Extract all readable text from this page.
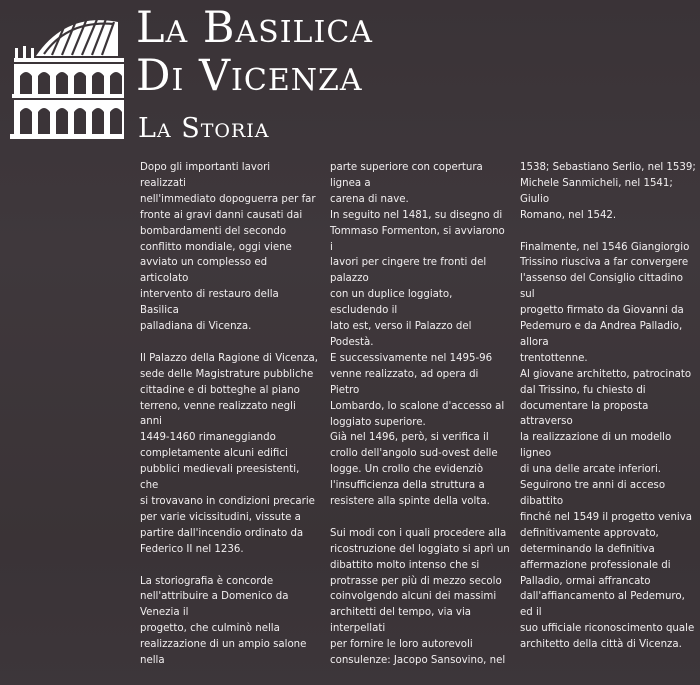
La Basilica
Di Vicenza
La Storia

Dopo gli importanti lavori realizzati
nell'immediato dopoguerra per far
fronte ai gravi danni causati dai
bombardamenti del secondo
conflitto mondiale, oggi viene
avviato un complesso ed articolato
intervento di restauro della Basilica
palladiana di Vicenza.

Il Palazzo della Ragione di Vicenza,
sede delle Magistrature pubbliche
cittadine e di botteghe al piano
terreno, venne realizzato negli anni
1449-1460 rimaneggiando
completamente alcuni edifici
pubblici medievali preesistenti, che
si trovavano in condizioni precarie
per varie vicissitudini, vissute a
partire dall'incendio ordinato da
Federico II nel 1236.

La storiografia è concorde
nell'attribuire a Domenico da Venezia il
progetto, che culminò nella
realizzazione di un ampio salone nella

parte superiore con copertura lignea a
carena di nave.
In seguito nel 1481, su disegno di
Tommaso Formenton, si avviarono i
lavori per cingere tre fronti del palazzo
con un duplice loggiato, escludendo il
lato est, verso il Palazzo del Podestà.
E successivamente nel 1495-96
venne realizzato, ad opera di Pietro
Lombardo, lo scalone d'accesso al
loggiato superiore.
Già nel 1496, però, si verifica il
crollo dell'angolo sud-ovest delle
logge. Un crollo che evidenziò
l'insufficienza della struttura a
resistere alla spinte della volta.

Sui modi con i quali procedere alla
ricostruzione del loggiato si aprì un
dibattito molto intenso che si
protrasse per più di mezzo secolo
coinvolgendo alcuni dei massimi
architetti del tempo, via via interpellati
per fornire le loro autorevoli
consulenze: Jacopo Sansovino, nel

1538; Sebastiano Serlio, nel 1539;
Michele Sanmicheli, nel 1541; Giulio
Romano, nel 1542.

Finalmente, nel 1546 Giangiorgio
Trissino riusciva a far convergere
l'assenso del Consiglio cittadino sul
progetto firmato da Giovanni da
Pedemuro e da Andrea Palladio, allora
trentottenne.
Al giovane architetto, patrocinato
dal Trissino, fu chiesto di
documentare la proposta attraverso
la realizzazione di un modello ligneo
di una delle arcate inferiori.
Seguirono tre anni di acceso dibattito
finché nel 1549 il progetto veniva
definitivamente approvato,
determinando la definitiva
affermazione professionale di
Palladio, ormai affrancato
dall'affiancamento al Pedemuro, ed il
suo ufficiale riconoscimento quale
architetto della città di Vicenza.
